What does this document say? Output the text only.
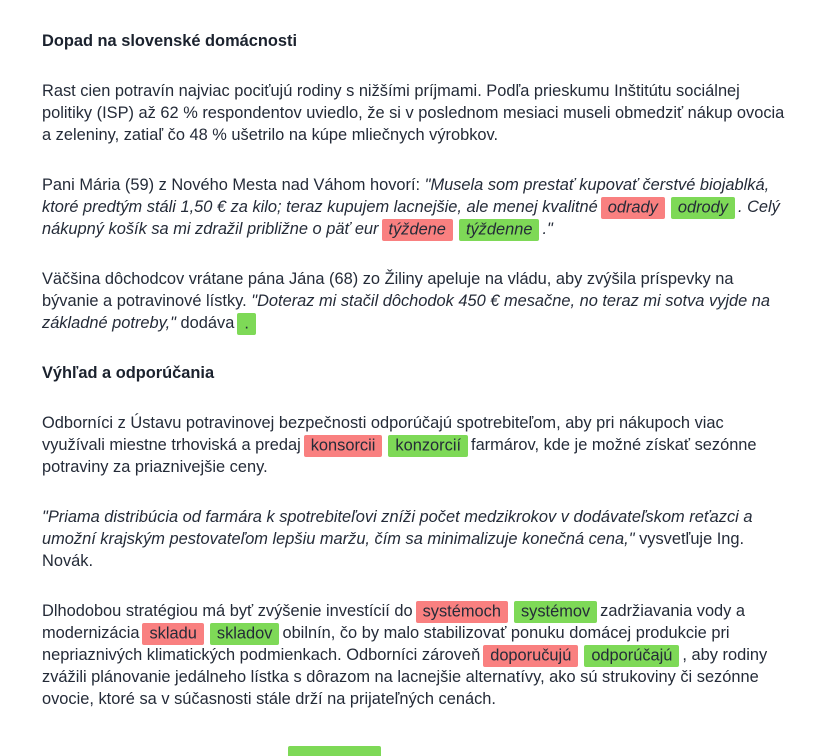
Dopad na slovenské domácnosti

Rast cien potravín najviac pociťujú rodiny s nižšími príjmami. Podľa prieskumu Inštitútu sociálnej politiky (ISP) až 62 % respondentov uviedlo, že si v poslednom mesiaci museli obmedziť nákup ovocia a zeleniny, zatiaľ čo 48 % ušetrilo na kúpe mliečnych výrobkov.

Pani Mária (59) z Nového Mesta nad Váhom hovorí: "Musela som prestať kupovať čerstvé biojablká, ktoré predtým stáli 1,50 € za kilo; teraz kupujem lacnejšie, ale menej kvalitné odrady odrody . Celý nákupný košík sa mi zdražil približne o päť eur týždene týždenne ."

Väčšina dôchodcov vrátane pána Jána (68) zo Žiliny apeluje na vládu, aby zvýšila príspevky na bývanie a potravinové lístky. "Doteraz mi stačil dôchodok 450 € mesačne, no teraz mi sotva vyjde na základné potreby," dodáva .

Výhľad a odporúčania

Odborníci z Ústavu potravinovej bezpečnosti odporúčajú spotrebiteľom, aby pri nákupoch viac využívali miestne trhoviská a predaj konsorcii konzorcií farmárov, kde je možné získať sezónne potraviny za priaznivejšie ceny.

"Priama distribúcia od farmára k spotrebiteľovi zníži počet medzikrokov v dodávateľskom reťazci a umožní krajským pestovateľom lepšiu maržu, čím sa minimalizuje konečná cena," vysvetľuje Ing. Novák.

Dlhodobou stratégiou má byť zvýšenie investícií do systémoch systémov zadržiavania vody a modernizácia skladu skladov obilnín, čo by malo stabilizovať ponuku domácej produkcie pri nepriaznivých klimatických podmienkach. Odborníci zároveň doporučujú odporúčajú , aby rodiny zvážili plánovanie jedálneho lístka s dôrazom na lacnejšie alternatívy, ako sú strukoviny či sezónne ovocie, ktoré sa v súčasnosti stále drží na prijateľných cenách.
